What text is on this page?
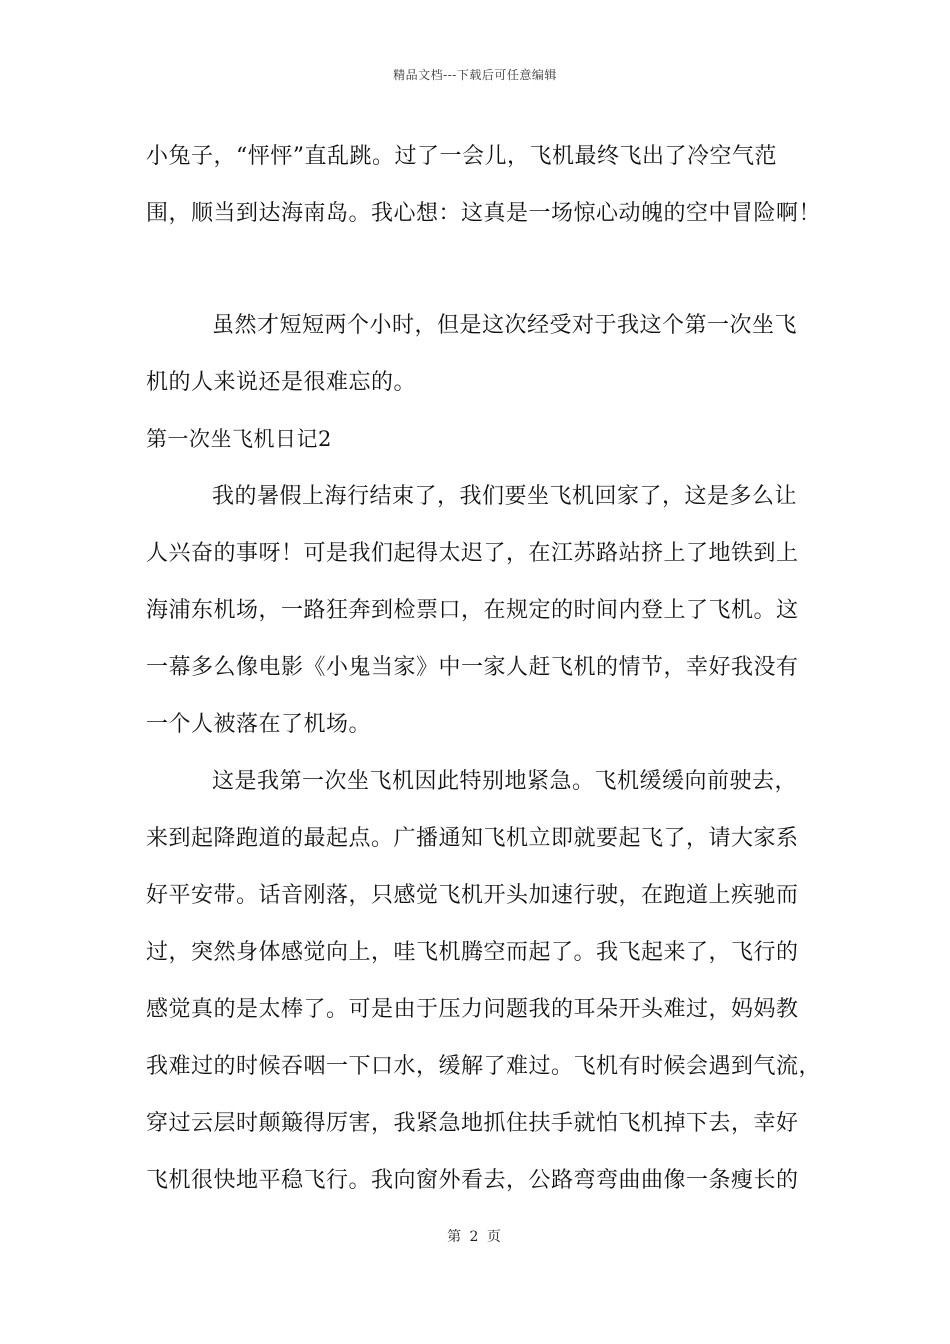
精品文档---下载后可任意编辑
小兔子，“怦怦”直乱跳。过了一会儿，飞机最终飞出了冷空气范
围，顺当到达海南岛。我心想：这真是一场惊心动魄的空中冒险啊！
虽然才短短两个小时，但是这次经受对于我这个第一次坐飞
机的人来说还是很难忘的。
第一次坐飞机日记2
我的暑假上海行结束了，我们要坐飞机回家了，这是多么让
人兴奋的事呀！可是我们起得太迟了，在江苏路站挤上了地铁到上
海浦东机场，一路狂奔到检票口，在规定的时间内登上了飞机。这
一幕多么像电影《小鬼当家》中一家人赶飞机的情节，幸好我没有
一个人被落在了机场。
这是我第一次坐飞机因此特别地紧急。飞机缓缓向前驶去，
来到起降跑道的最起点。广播通知飞机立即就要起飞了，请大家系
好平安带。话音刚落，只感觉飞机开头加速行驶，在跑道上疾驰而
过，突然身体感觉向上，哇飞机腾空而起了。我飞起来了，飞行的
感觉真的是太棒了。可是由于压力问题我的耳朵开头难过，妈妈教
我难过的时候吞咽一下口水，缓解了难过。飞机有时候会遇到气流，
穿过云层时颠簸得厉害，我紧急地抓住扶手就怕飞机掉下去，幸好
飞机很快地平稳飞行。我向窗外看去，公路弯弯曲曲像一条瘦长的
第 2 页
